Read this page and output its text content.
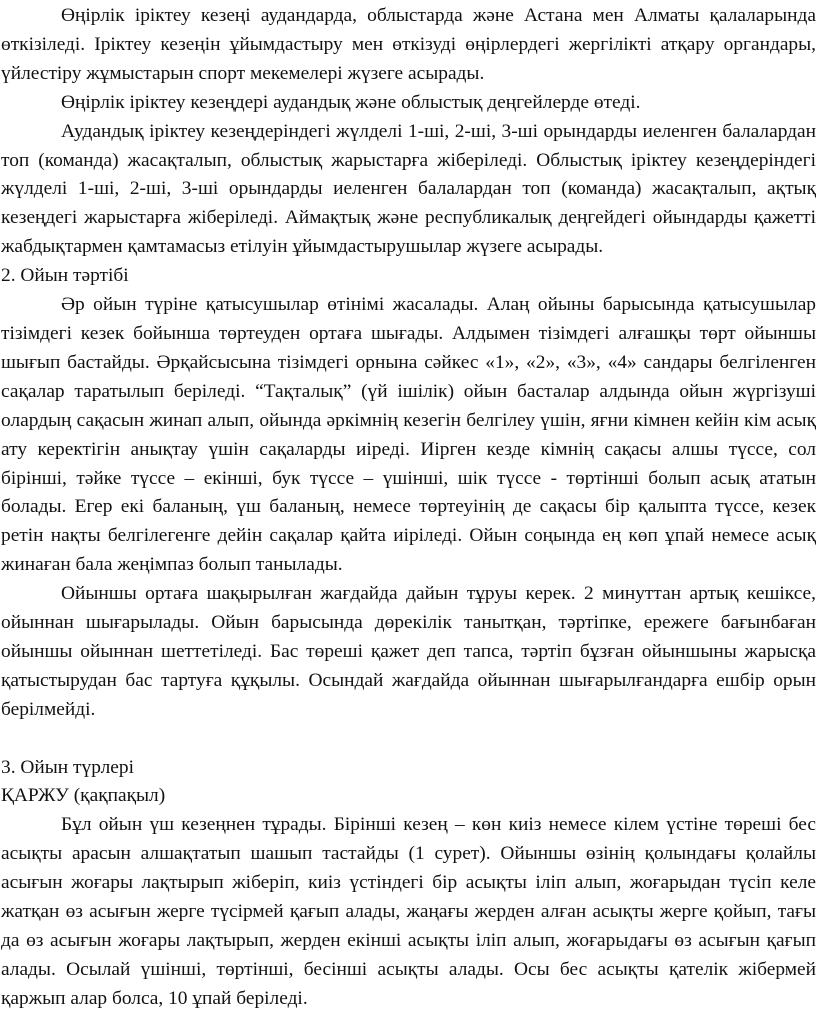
Өңірлік іріктеу кезеңі аудандарда, облыстарда және Астана мен Алматы қалаларында өткізіледі. Іріктеу кезеңін ұйымдастыру мен өткізуді өңірлердегі жергілікті атқару органдары, үйлестіру жұмыстарын спорт мекемелері жүзеге асырады.

Өңірлік іріктеу кезеңдері аудандық және облыстық деңгейлерде өтеді.

Аудандық іріктеу кезеңдеріндегі жүлделі 1-ші, 2-ші, 3-ші орындарды иеленген балалардан топ (команда) жасақталып, облыстық жарыстарға жіберіледі. Облыстық іріктеу кезеңдеріндегі жүлделі 1-ші, 2-ші, 3-ші орындарды иеленген балалардан топ (команда) жасақталып, ақтық кезеңдегі жарыстарға жіберіледі. Аймақтық және республикалық деңгейдегі ойындарды қажетті жабдықтармен қамтамасыз етілуін ұйымдастырушылар жүзеге асырады.

2. Ойын тәртібі

Әр ойын түріне қатысушылар өтінімі жасалады. Алаң ойыны барысында қатысушылар тізімдегі кезек бойынша төртеуден ортаға шығады. Алдымен тізімдегі алғашқы төрт ойыншы шығып бастайды. Әрқайсысына тізімдегі орнына сәйкес «1», «2», «3», «4» сандары белгіленген сақалар таратылып беріледі. “Тақталық” (үй ішілік) ойын басталар алдында ойын жүргізуші олардың сақасын жинап алып, ойында әркімнің кезегін белгілеу үшін, яғни кімнен кейін кім асық ату керектігін анықтау үшін сақаларды иіреді. Иірген кезде кімнің сақасы алшы түссе, сол бірінші, тәйке түссе – екінші, бук түссе – үшінші, шік түссе - төртінші болып асық ататын болады. Егер екі баланың, үш баланың, немесе төртеуінің де сақасы бір қалыпта түссе, кезек ретін нақты белгілегенге дейін сақалар қайта иіріледі. Ойын соңында ең көп ұпай немесе асық жинаған бала жеңімпаз болып танылады.

Ойыншы ортаға шақырылған жағдайда дайын тұруы керек. 2 минуттан артық кешіксе, ойыннан шығарылады. Ойын барысында дөрекілік танытқан, тәртіпке, ережеге бағынбаған ойыншы ойыннан шеттетіледі. Бас төреші қажет деп тапса, тәртіп бұзған ойыншыны жарысқа қатыстырудан бас тартуға құқылы. Осындай жағдайда ойыннан шығарылғандарға ешбір орын берілмейді.

3. Ойын түрлері

ҚАРЖУ (қақпақыл)

Бұл ойын үш кезеңнен тұрады. Бірінші кезең – көн киіз немесе кілем үстіне төреші бес асықты арасын алшақтатып шашып тастайды (1 сурет). Ойыншы өзінің қолындағы қолайлы асығын жоғары лақтырып жіберіп, киіз үстіндегі бір асықты іліп алып, жоғарыдан түсіп келе жатқан өз асығын жерге түсірмей қағып алады, жаңағы жерден алған асықты жерге қойып, тағы да өз асығын жоғары лақтырып, жерден екінші асықты іліп алып, жоғарыдағы өз асығын қағып алады. Осылай үшінші, төртінші, бесінші асықты алады. Осы бес асықты қателік жібермей қаржып алар болса, 10 ұпай беріледі.
